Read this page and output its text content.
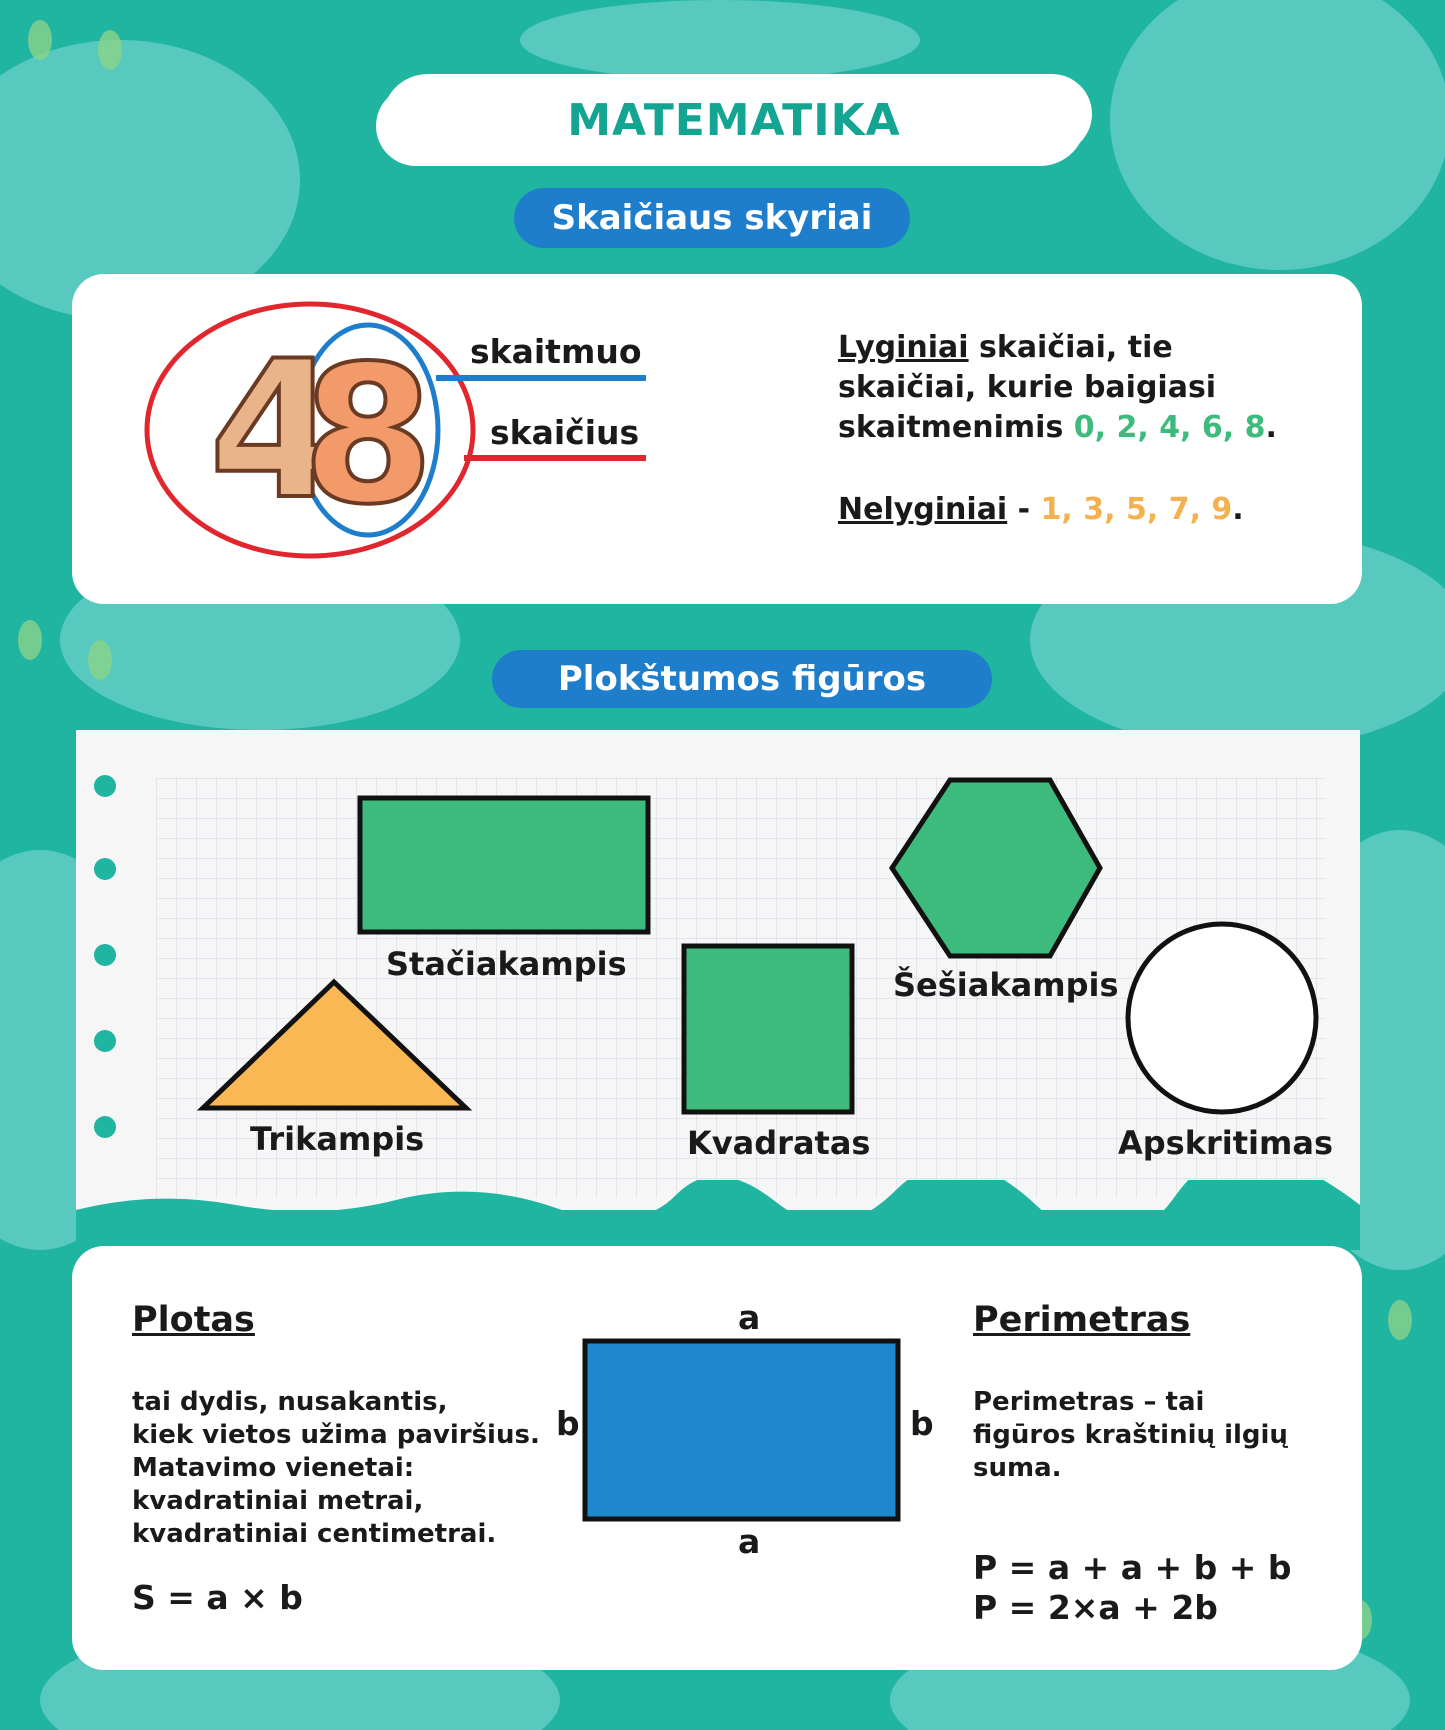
MATEMATIKA
Skaičiaus skyriai
4
8 skaitmuo
skaičius
Lyginiai skaičiai, tie
skaičiai, kurie baigiasi
skaitmenimis 0, 2, 4, 6, 8.
Nelyginiai - 1, 3, 5, 7, 9.
Plokštumos figūros
Stačiakampis
Kvadratas
Šešiakampis
Trikampis	Apskritimas
Plotas
tai dydis, nusakantis,
kiek vietos užima paviršius.
Matavimo vienetai:
kvadratiniai metrai,
kvadratiniai centimetrai.
S = a × b
a
a
b	b
Perimetras
Perimetras – tai
figūros kraštinių ilgių
suma.
P = a + a + b + b
P = 2×a + 2b
